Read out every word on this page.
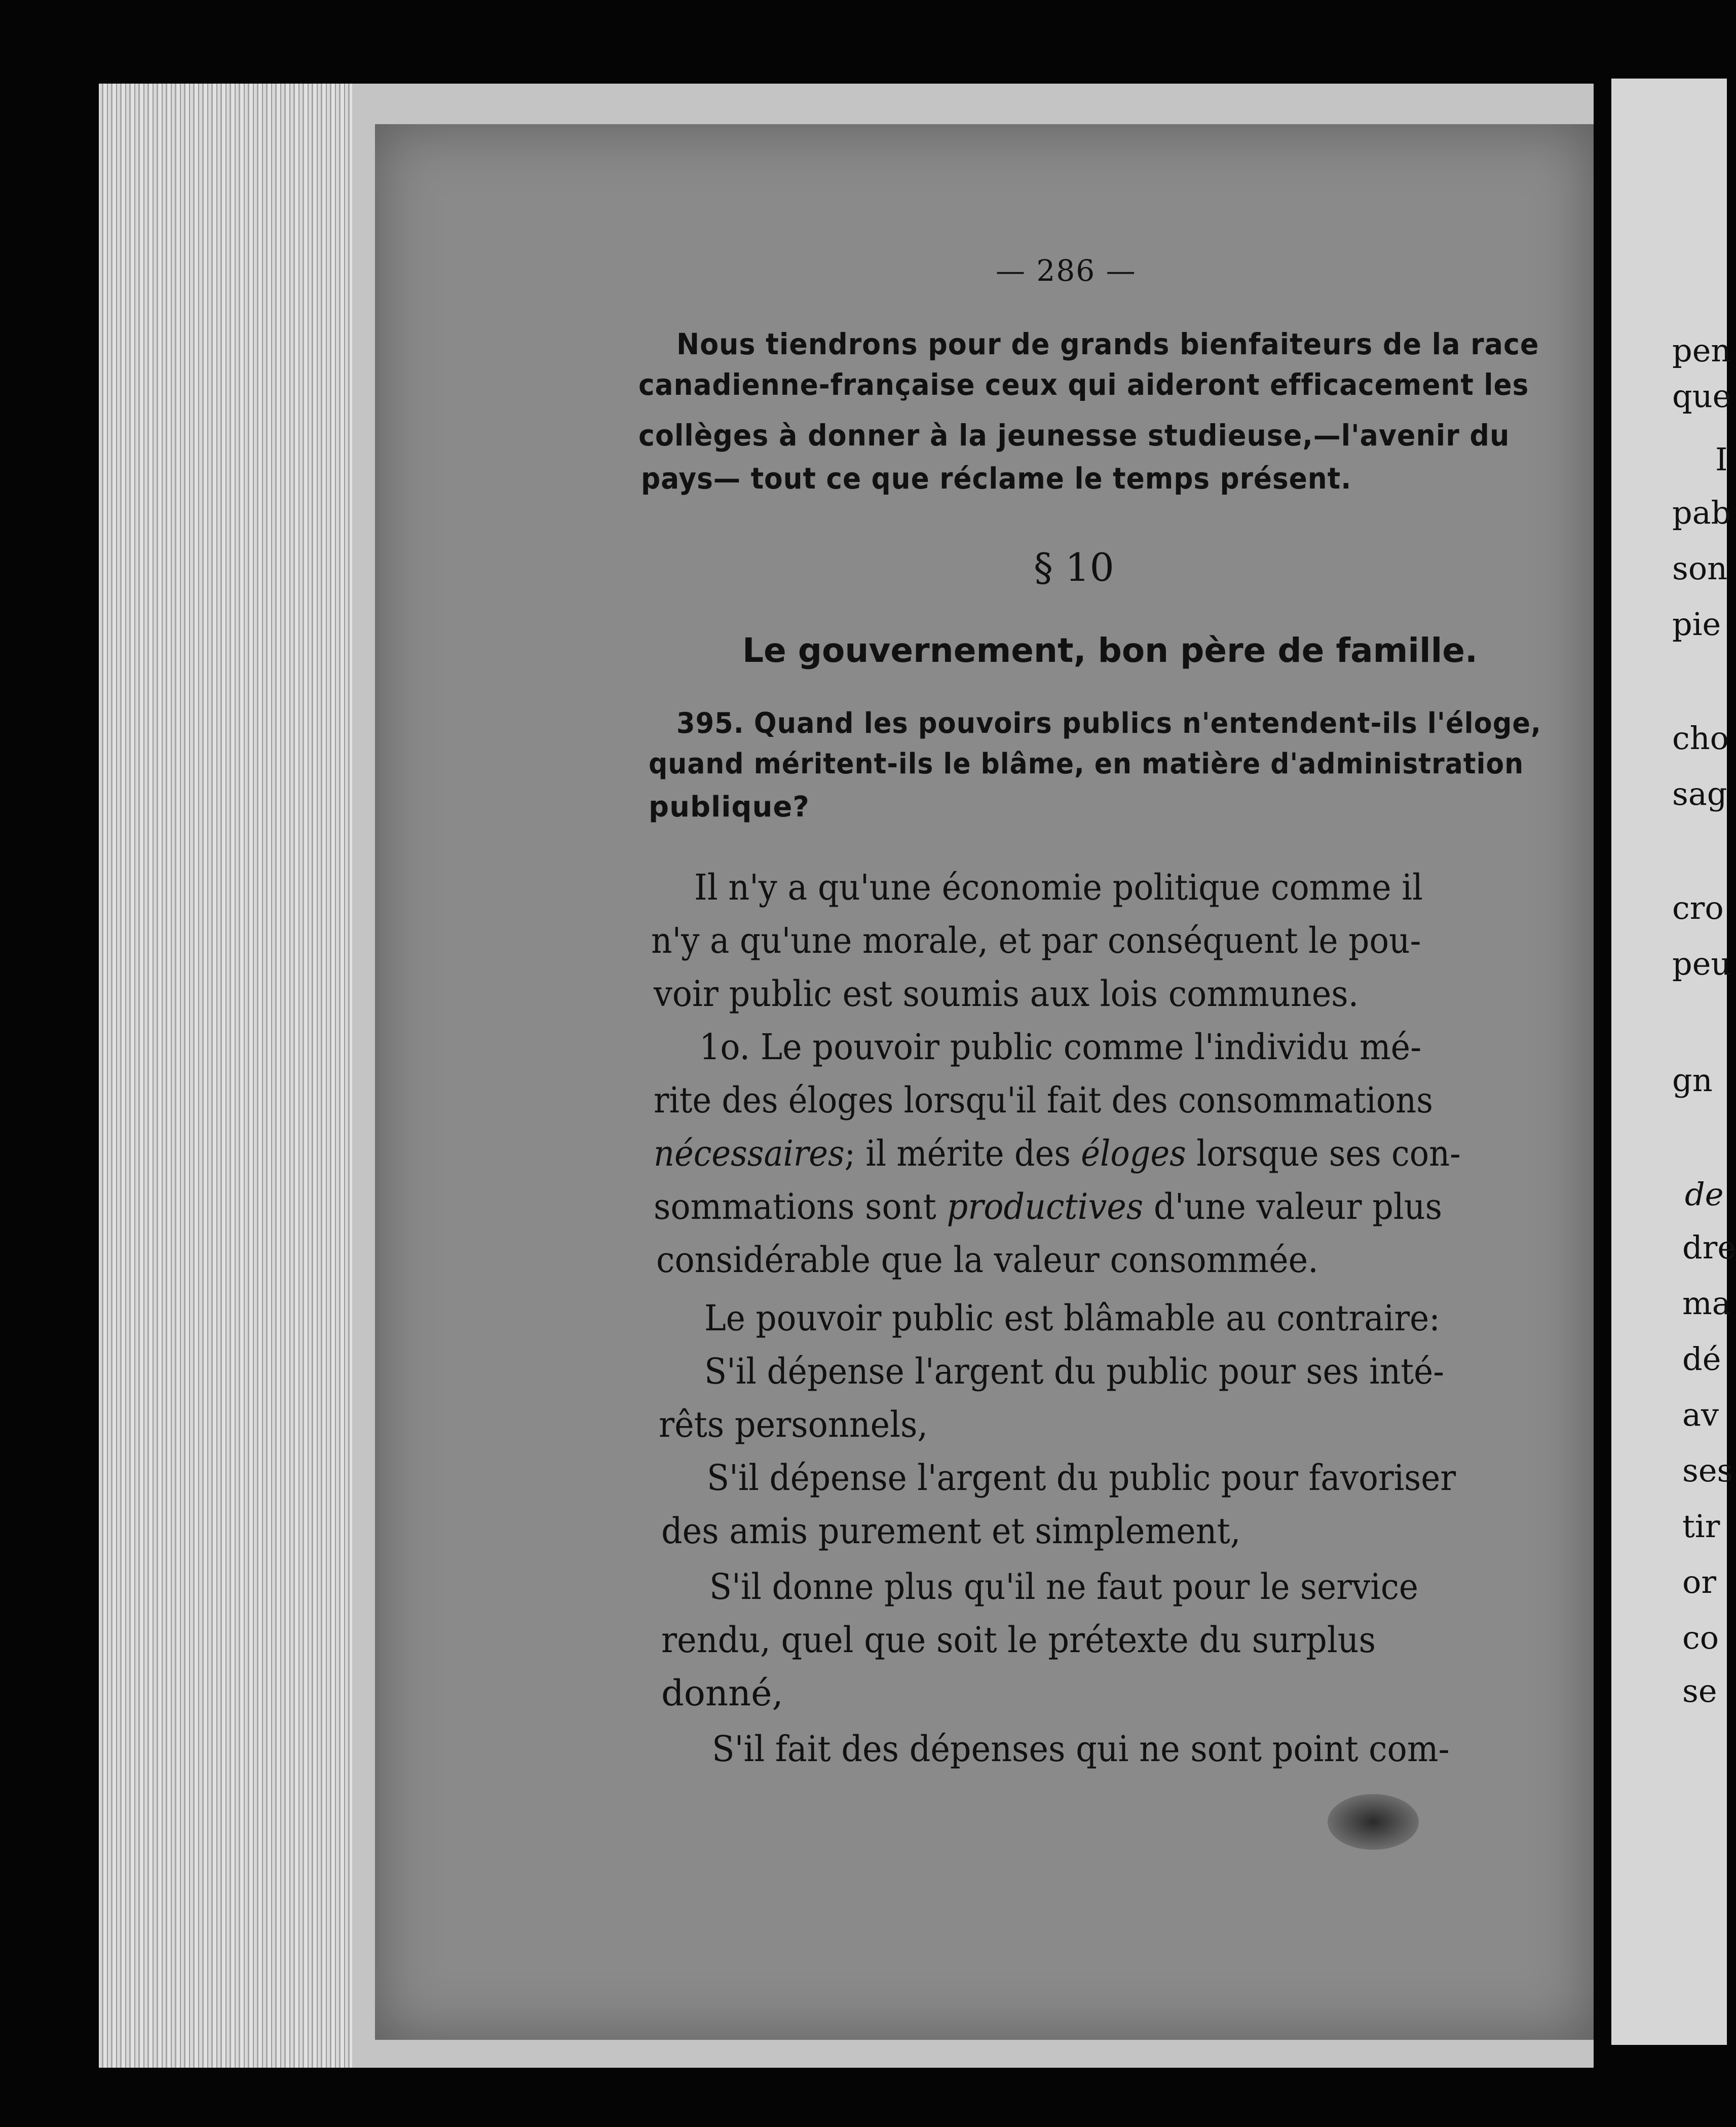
— 286 —

Nous tiendrons pour de grands bienfaiteurs de la race

canadienne-française ceux qui aideront efficacement les

collèges à donner à la jeunesse studieuse,—l'avenir du

pays— tout ce que réclame le temps présent.

§ 10

Le gouvernement, bon père de famille.

395. Quand les pouvoirs publics n'entendent-ils l'éloge,

quand méritent-ils le blâme, en matière d'administration

publique?

Il n'y a qu'une économie politique comme il

n'y a qu'une morale, et par conséquent le pou-

voir public est soumis aux lois communes.

1o. Le pouvoir public comme l'individu mé-

rite des éloges lorsqu'il fait des consommations

nécessaires; il mérite des éloges lorsque ses con-

sommations sont productives d'une valeur plus

considérable que la valeur consommée.

Le pouvoir public est blâmable au contraire:

S'il dépense l'argent du public pour ses inté-

rêts personnels,

S'il dépense l'argent du public pour favoriser

des amis purement et simplement,

S'il donne plus qu'il ne faut pour le service

rendu, quel que soit le prétexte du surplus

donné,

S'il fait des dépenses qui ne sont point com-

pen
que
I
pab
son
pie
cho
sag
cro
peu
gn
de
dre
ma
dé
av
ses
tir
or
co
se
